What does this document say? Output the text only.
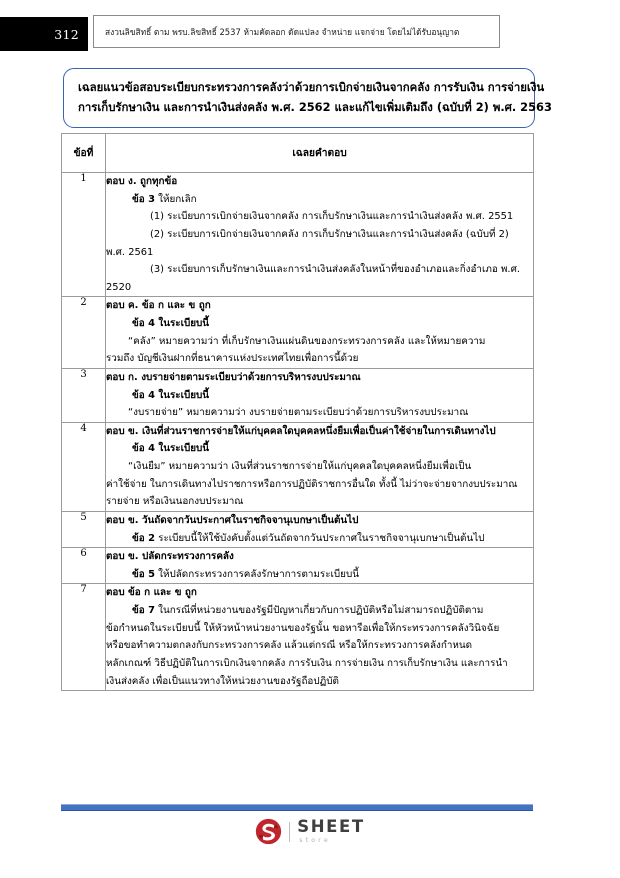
312	สงวนลิขสิทธิ์ ตาม พรบ.ลิขสิทธิ์ 2537 ห้ามคัดลอก ดัดแปลง จำหน่าย แจกจ่าย โดยไม่ได้รับอนุญาต
เฉลยแนวข้อสอบระเบียบกระทรวงการคลังว่าด้วยการเบิกจ่ายเงินจากคลัง การรับเงิน การจ่ายเงิน
การเก็บรักษาเงิน และการนำเงินส่งคลัง พ.ศ. 2562 และแก้ไขเพิ่มเติมถึง (ฉบับที่ 2) พ.ศ. 2563
ข้อที่	เฉลยคำตอบ
1	ตอบ ง. ถูกทุกข้อ
ข้อ 3 ให้ยกเลิก
(1) ระเบียบการเบิกจ่ายเงินจากคลัง การเก็บรักษาเงินและการนำเงินส่งคลัง พ.ศ. 2551
(2) ระเบียบการเบิกจ่ายเงินจากคลัง การเก็บรักษาเงินและการนำเงินส่งคลัง (ฉบับที่ 2)
พ.ศ. 2561
(3) ระเบียบการเก็บรักษาเงินและการนำเงินส่งคลังในหน้าที่ของอำเภอและกิ่งอำเภอ พ.ศ.
2520

2	ตอบ ค. ข้อ ก และ ข ถูก
ข้อ 4 ในระเบียบนี้
“คลัง” หมายความว่า ที่เก็บรักษาเงินแผ่นดินของกระทรวงการคลัง และให้หมายความ
รวมถึง บัญชีเงินฝากที่ธนาคารแห่งประเทศไทยเพื่อการนี้ด้วย

3	ตอบ ก. งบรายจ่ายตามระเบียบว่าด้วยการบริหารงบประมาณ
ข้อ 4 ในระเบียบนี้
“งบรายจ่าย” หมายความว่า งบรายจ่ายตามระเบียบว่าด้วยการบริหารงบประมาณ

4	ตอบ ข. เงินที่ส่วนราชการจ่ายให้แก่บุคคลใดบุคคลหนึ่งยืมเพื่อเป็นค่าใช้จ่ายในการเดินทางไป
ข้อ 4 ในระเบียบนี้
“เงินยืม” หมายความว่า เงินที่ส่วนราชการจ่ายให้แก่บุคคลใดบุคคลหนี่งยืมเพื่อเป็น
ค่าใช้จ่าย ในการเดินทางไปราชการหรือการปฏิบัติราชการอื่นใด ทั้งนี้ ไม่ว่าจะจ่ายจากงบประมาณ
รายจ่าย หรือเงินนอกงบประมาณ

5	ตอบ ข. วันถัดจากวันประกาศในราชกิจจานุเบกษาเป็นต้นไป
ข้อ 2 ระเบียบนี้ให้ใช้บังคับตั้งแต่วันถัดจากวันประกาศในราชกิจจานุเบกษาเป็นต้นไป

6	ตอบ ข. ปลัดกระทรวงการคลัง
ข้อ 5 ให้ปลัดกระทรวงการคลังรักษาการตามระเบียบนี้

7	ตอบ ข้อ ก และ ข ถูก
ข้อ 7 ในกรณีที่หน่วยงานของรัฐมีปัญหาเกี่ยวกับการปฏิบัติหรือไม่สามารถปฏิบัติตาม
ข้อกำหนดในระเบียบนี้ ให้หัวหน้าหน่วยงานของรัฐนั้น ขอหารือเพื่อให้กระทรวงการคลังวินิจฉัย
หรือขอทำความตกลงกับกระทรวงการคลัง แล้วแต่กรณี หรือให้กระทรวงการคลังกำหนด
หลักเกณฑ์ วิธีปฏิบัติในการเบิกเงินจากคลัง การรับเงิน การจ่ายเงิน การเก็บรักษาเงิน และการนำ
เงินส่งคลัง เพื่อเป็นแนวทางให้หน่วยงานของรัฐถือปฏิบัติ
SHEET
store
